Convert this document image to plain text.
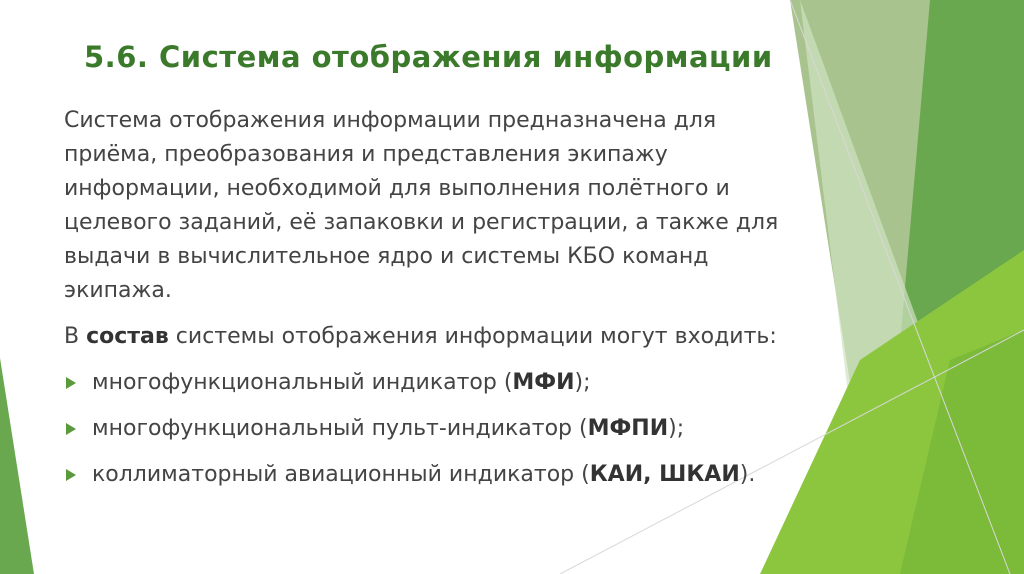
5.6. Система отображения информации

Система отображения информации предназначена для приёма, преобразования и представления экипажу информации, необходимой для выполнения полётного и целевого заданий, её запаковки и регистрации, а также для выдачи в вычислительное ядро и системы КБО команд экипажа.

В состав системы отображения информации могут входить:

многофункциональный индикатор (МФИ);
многофункциональный пульт-индикатор (МФПИ);
коллиматорный авиационный индикатор (КАИ, ШКАИ).
